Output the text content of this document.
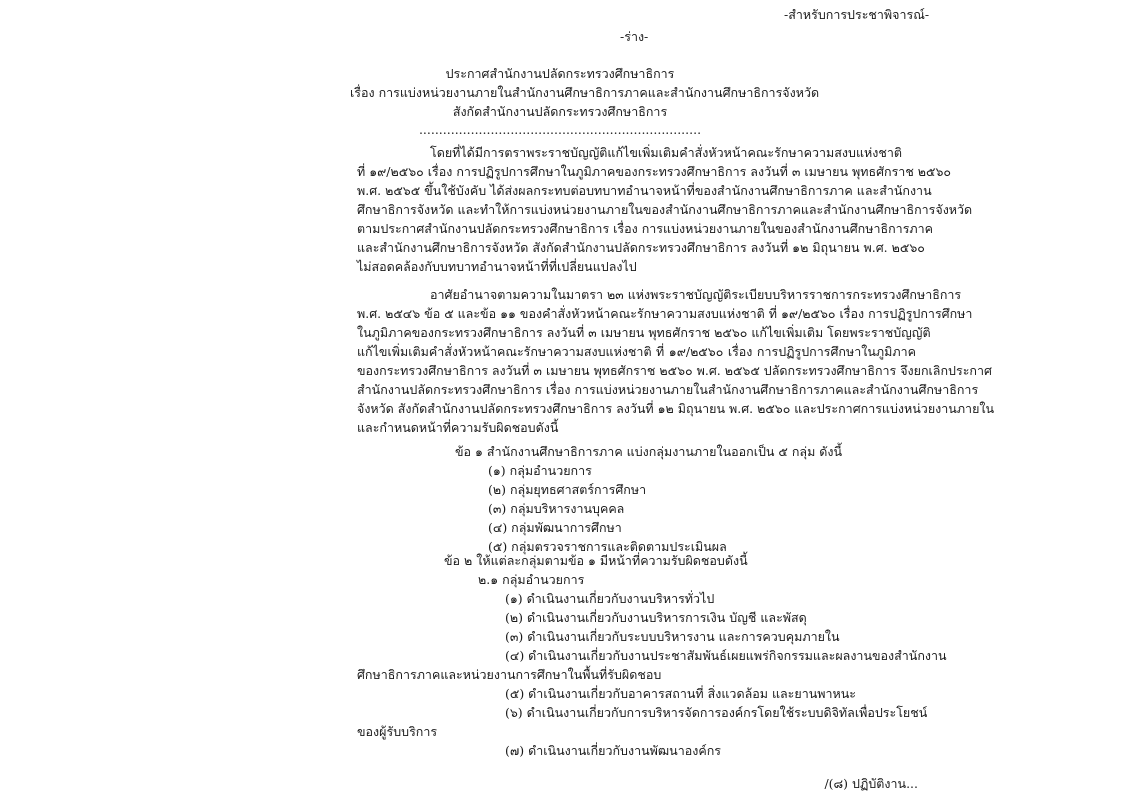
-สำหรับการประชาพิจารณ์-
-ร่าง-
ประกาศสำนักงานปลัดกระทรวงศึกษาธิการ
เรื่อง การแบ่งหน่วยงานภายในสำนักงานศึกษาธิการภาคและสำนักงานศึกษาธิการจังหวัด
สังกัดสำนักงานปลัดกระทรวงศึกษาธิการ
.......................................................................
โดยที่ได้มีการตราพระราชบัญญัติแก้ไขเพิ่มเติมคำสั่งหัวหน้าคณะรักษาความสงบแห่งชาติ
ที่ ๑๙/๒๕๖๐ เรื่อง การปฏิรูปการศึกษาในภูมิภาคของกระทรวงศึกษาธิการ ลงวันที่ ๓ เมษายน พุทธศักราช ๒๕๖๐
พ.ศ. ๒๕๖๕ ขึ้นใช้บังคับ ได้ส่งผลกระทบต่อบทบาทอำนาจหน้าที่ของสำนักงานศึกษาธิการภาค และสำนักงาน
ศึกษาธิการจังหวัด และทำให้การแบ่งหน่วยงานภายในของสำนักงานศึกษาธิการภาคและสำนักงานศึกษาธิการจังหวัด
ตามประกาศสำนักงานปลัดกระทรวงศึกษาธิการ เรื่อง การแบ่งหน่วยงานภายในของสำนักงานศึกษาธิการภาค
และสำนักงานศึกษาธิการจังหวัด สังกัดสำนักงานปลัดกระทรวงศึกษาธิการ ลงวันที่ ๑๒ มิถุนายน พ.ศ. ๒๕๖๐
ไม่สอดคล้องกับบทบาทอำนาจหน้าที่ที่เปลี่ยนแปลงไป
อาศัยอำนาจตามความในมาตรา ๒๓ แห่งพระราชบัญญัติระเบียบบริหารราชการกระทรวงศึกษาธิการ
พ.ศ. ๒๕๔๖ ข้อ ๕ และข้อ ๑๑ ของคำสั่งหัวหน้าคณะรักษาความสงบแห่งชาติ ที่ ๑๙/๒๕๖๐ เรื่อง การปฏิรูปการศึกษา
ในภูมิภาคของกระทรวงศึกษาธิการ ลงวันที่ ๓ เมษายน พุทธศักราช ๒๕๖๐ แก้ไขเพิ่มเติม โดยพระราชบัญญัติ
แก้ไขเพิ่มเติมคำสั่งหัวหน้าคณะรักษาความสงบแห่งชาติ ที่ ๑๙/๒๕๖๐ เรื่อง การปฏิรูปการศึกษาในภูมิภาค
ของกระทรวงศึกษาธิการ ลงวันที่ ๓ เมษายน พุทธศักราช ๒๕๖๐ พ.ศ. ๒๕๖๕ ปลัดกระทรวงศึกษาธิการ จึงยกเลิกประกาศ
สำนักงานปลัดกระทรวงศึกษาธิการ เรื่อง การแบ่งหน่วยงานภายในสำนักงานศึกษาธิการภาคและสำนักงานศึกษาธิการ
จังหวัด สังกัดสำนักงานปลัดกระทรวงศึกษาธิการ ลงวันที่ ๑๒ มิถุนายน พ.ศ. ๒๕๖๐ และประกาศการแบ่งหน่วยงานภายใน
และกำหนดหน้าที่ความรับผิดชอบดังนี้
ข้อ ๑ สำนักงานศึกษาธิการภาค แบ่งกลุ่มงานภายในออกเป็น ๕ กลุ่ม ดังนี้
(๑) กลุ่มอำนวยการ
(๒) กลุ่มยุทธศาสตร์การศึกษา
(๓) กลุ่มบริหารงานบุคคล
(๔) กลุ่มพัฒนาการศึกษา
(๕) กลุ่มตรวจราชการและติดตามประเมินผล
ข้อ ๒ ให้แต่ละกลุ่มตามข้อ ๑ มีหน้าที่ความรับผิดชอบดังนี้
๒.๑ กลุ่มอำนวยการ
(๑) ดำเนินงานเกี่ยวกับงานบริหารทั่วไป
(๒) ดำเนินงานเกี่ยวกับงานบริหารการเงิน บัญชี และพัสดุ
(๓) ดำเนินงานเกี่ยวกับระบบบริหารงาน และการควบคุมภายใน
(๔) ดำเนินงานเกี่ยวกับงานประชาสัมพันธ์เผยแพร่กิจกรรมและผลงานของสำนักงาน
ศึกษาธิการภาคและหน่วยงานการศึกษาในพื้นที่รับผิดชอบ
(๕) ดำเนินงานเกี่ยวกับอาคารสถานที่ สิ่งแวดล้อม และยานพาหนะ
(๖) ดำเนินงานเกี่ยวกับการบริหารจัดการองค์กรโดยใช้ระบบดิจิทัลเพื่อประโยชน์
ของผู้รับบริการ
(๗) ดำเนินงานเกี่ยวกับงานพัฒนาองค์กร
/(๘) ปฏิบัติงาน...
